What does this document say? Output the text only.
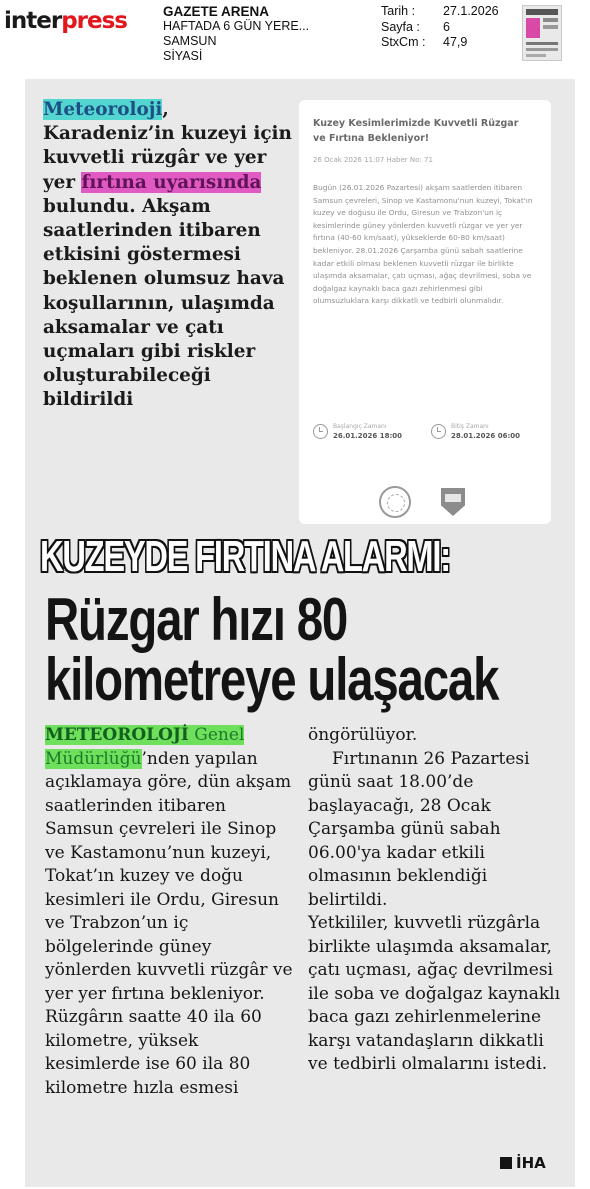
interpress	GAZETE ARENA
HAFTADA 6 GÜN YERE...
SAMSUN
SİYASİ
Tarih :	27.1.2026
Sayfa :	6
StxCm :	47,9
Meteoroloji, Karadeniz’in kuzeyi için kuvvetli rüzgâr ve yer yer fırtına uyarısında bulundu. Akşam saatlerinden itibaren etkisini göstermesi beklenen olumsuz hava koşullarının, ulaşımda aksamalar ve çatı uçmaları gibi riskler oluşturabileceği bildirildi
Kuzey Kesimlerimizde Kuvvetli Rüzgar ve Fırtına Bekleniyor!
26 Ocak 2026 11:07 Haber No: 71
Bugün (26.01.2026 Pazartesi) akşam saatlerden itibaren Samsun çevreleri, Sinop ve Kastamonu'nun kuzeyi, Tokat'ın kuzey ve doğusu ile Ordu, Giresun ve Trabzon'un iç kesimlerinde güney yönlerden kuvvetli rüzgar ve yer yer fırtına (40-60 km/saat), yükseklerde 60-80 km/saat) bekleniyor. 28.01.2026 Çarşamba günü sabah saatlerine kadar etkili olması beklenen kuvvetli rüzgar ile birlikte ulaşımda aksamalar, çatı uçması, ağaç devrilmesi, soba ve doğalgaz kaynaklı baca gazı zehirlenmesi gibi olumsuzluklara karşı dikkatli ve tedbirli olunmalıdır.
Başlangıç Zamanı
26.01.2026 18:00
Bitiş Zamanı
28.01.2026 06:00
KUZEYDE FIRTINA ALARMI:
Rüzgar hızı 80
kilometreye ulaşacak
METEOROLOJİ Genel Müdürlüğü’nden yapılan açıklamaya göre, dün akşam saatlerinden itibaren Samsun çevreleri ile Sinop ve Kastamonu’nun kuzeyi, Tokat’ın kuzey ve doğu kesimleri ile Ordu, Giresun ve Trabzon’un iç bölgelerinde güney yönlerden kuvvetli rüzgâr ve yer yer fırtına bekleniyor. Rüzgârın saatte 40 ila 60 kilometre, yüksek kesimlerde ise 60 ila 80 kilometre hızla esmesi
öngörülüyor.
Fırtınanın 26 Pazartesi günü saat 18.00’de başlayacağı, 28 Ocak Çarşamba günü sabah 06.00'ya kadar etkili olmasının beklendiği belirtildi.
Yetkililer, kuvvetli rüzgârla birlikte ulaşımda aksamalar, çatı uçması, ağaç devrilmesi ile soba ve doğalgaz kaynaklı baca gazı zehirlenmelerine karşı vatandaşların dikkatli ve tedbirli olmalarını istedi.
İHA
